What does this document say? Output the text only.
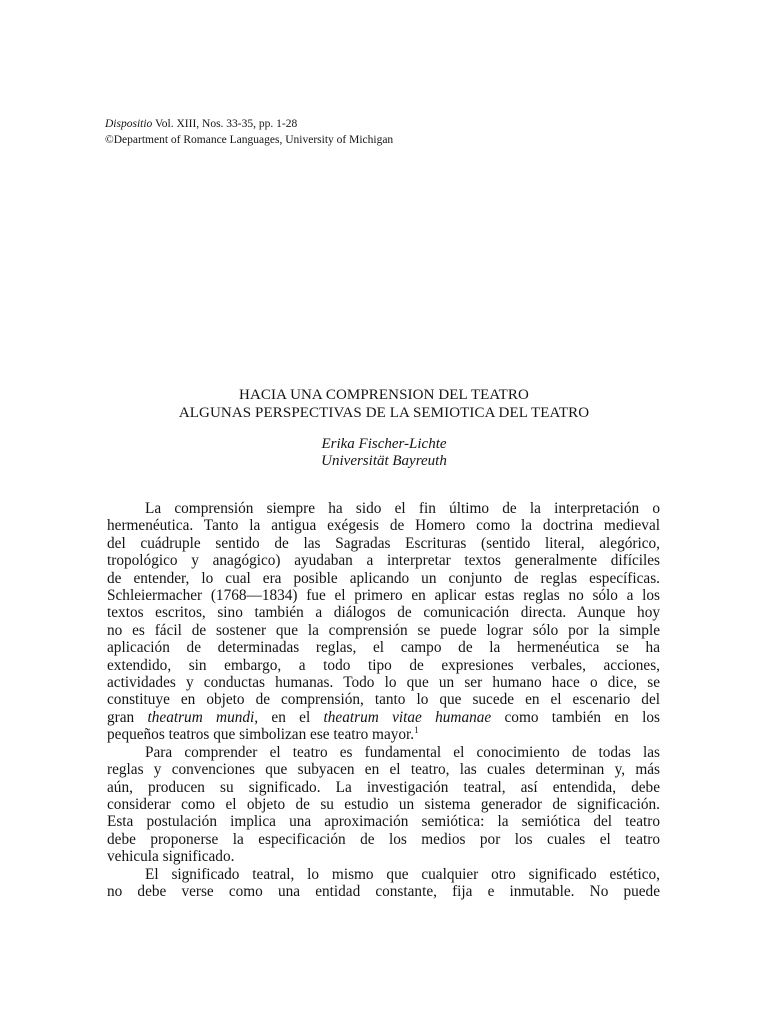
Dispositio Vol. XIII, Nos. 33-35, pp. 1-28
©Department of Romance Languages, University of Michigan
HACIA UNA COMPRENSION DEL TEATRO
ALGUNAS PERSPECTIVAS DE LA SEMIOTICA DEL TEATRO
Erika Fischer-Lichte
Universität Bayreuth
La comprensión siempre ha sido el fin último de la interpretación o
hermenéutica. Tanto la antigua exégesis de Homero como la doctrina medieval
del cuádruple sentido de las Sagradas Escrituras (sentido literal, alegórico,
tropológico y anagógico) ayudaban a interpretar textos generalmente difíciles
de entender, lo cual era posible aplicando un conjunto de reglas específicas.
Schleiermacher (1768—1834) fue el primero en aplicar estas reglas no sólo a los
textos escritos, sino también a diálogos de comunicación directa. Aunque hoy
no es fácil de sostener que la comprensión se puede lograr sólo por la simple
aplicación de determinadas reglas, el campo de la hermenéutica se ha
extendido, sin embargo, a todo tipo de expresiones verbales, acciones,
actividades y conductas humanas. Todo lo que un ser humano hace o dice, se
constituye en objeto de comprensión, tanto lo que sucede en el escenario del
gran theatrum mundi, en el theatrum vitae humanae como también en los
pequeños teatros que simbolizan ese teatro mayor.$^1$
Para comprender el teatro es fundamental el conocimiento de todas las
reglas y convenciones que subyacen en el teatro, las cuales determinan y, más
aún, producen su significado. La investigación teatral, así entendida, debe
considerar como el objeto de su estudio un sistema generador de significación.
Esta postulación implica una aproximación semiótica: la semiótica del teatro
debe proponerse la especificación de los medios por los cuales el teatro
vehicula significado.
El significado teatral, lo mismo que cualquier otro significado estético,
no debe verse como una entidad constante, fija e inmutable. No puede
